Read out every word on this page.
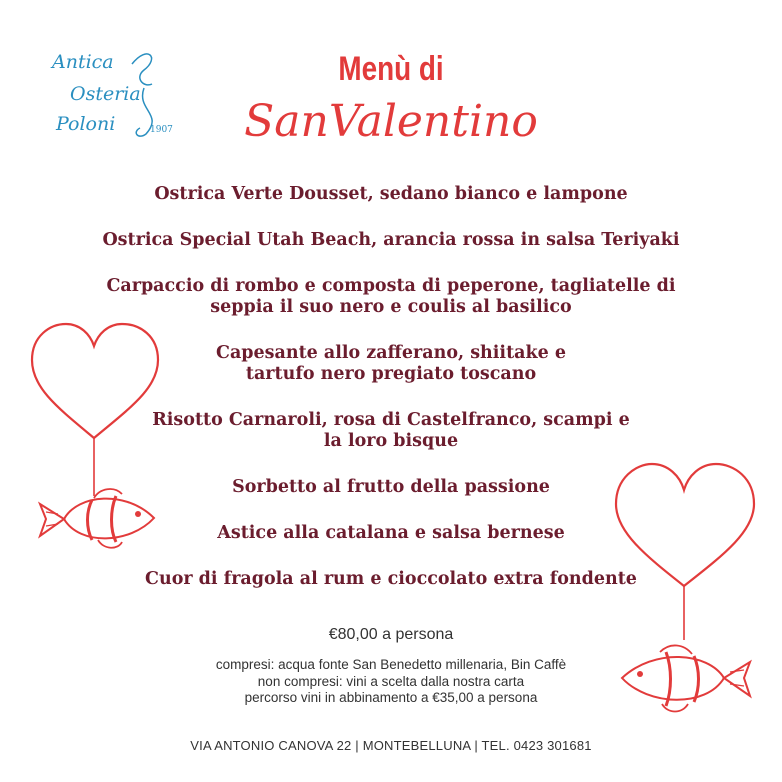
Antica
Osteria
Poloni	1907
Menù di
SanValentino
Ostrica Verte Dousset, sedano bianco e lampone
Ostrica Special Utah Beach, arancia rossa in salsa Teriyaki
Carpaccio di rombo e composta di peperone, tagliatelle di
seppia il suo nero e coulis al basilico
Capesante allo zafferano, shiitake e
tartufo nero pregiato toscano
Risotto Carnaroli, rosa di Castelfranco, scampi e
la loro bisque
Sorbetto al frutto della passione
Astice alla catalana e salsa bernese
Cuor di fragola al rum e cioccolato extra fondente
€80,00 a persona
compresi: acqua fonte San Benedetto millenaria, Bin Caffè
non compresi: vini a scelta dalla nostra carta
percorso vini in abbinamento a €35,00 a persona
VIA ANTONIO CANOVA 22 | MONTEBELLUNA | TEL. 0423 301681
